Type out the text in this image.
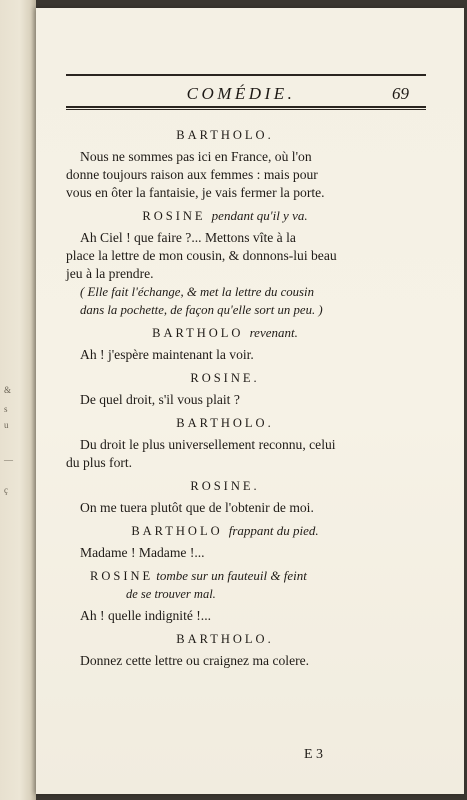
&
s
u
—
ç
COMÉDIE.	69

BARTHOLO.

Nous ne sommes pas ici en France, où l'on

donne toujours raison aux femmes : mais pour

vous en ôter la fantaisie, je vais fermer la porte.

ROSINE pendant qu'il y va.

Ah Ciel ! que faire ?... Mettons vîte à la

place la lettre de mon cousin, & donnons-lui beau

jeu à la prendre.

( Elle fait l'échange, & met la lettre du cousin

dans la pochette, de façon qu'elle sort un peu. )

BARTHOLO revenant.

Ah ! j'espère maintenant la voir.

ROSINE.

De quel droit, s'il vous plait ?

BARTHOLO.

Du droit le plus universellement reconnu, celui

du plus fort.

ROSINE.

On me tuera plutôt que de l'obtenir de moi.

BARTHOLO frappant du pied.

Madame ! Madame !...

ROSINE tombe sur un fauteuil & feint
de se trouver mal.

Ah ! quelle indignité !...

BARTHOLO.

Donnez cette lettre ou craignez ma colere.

E 3
